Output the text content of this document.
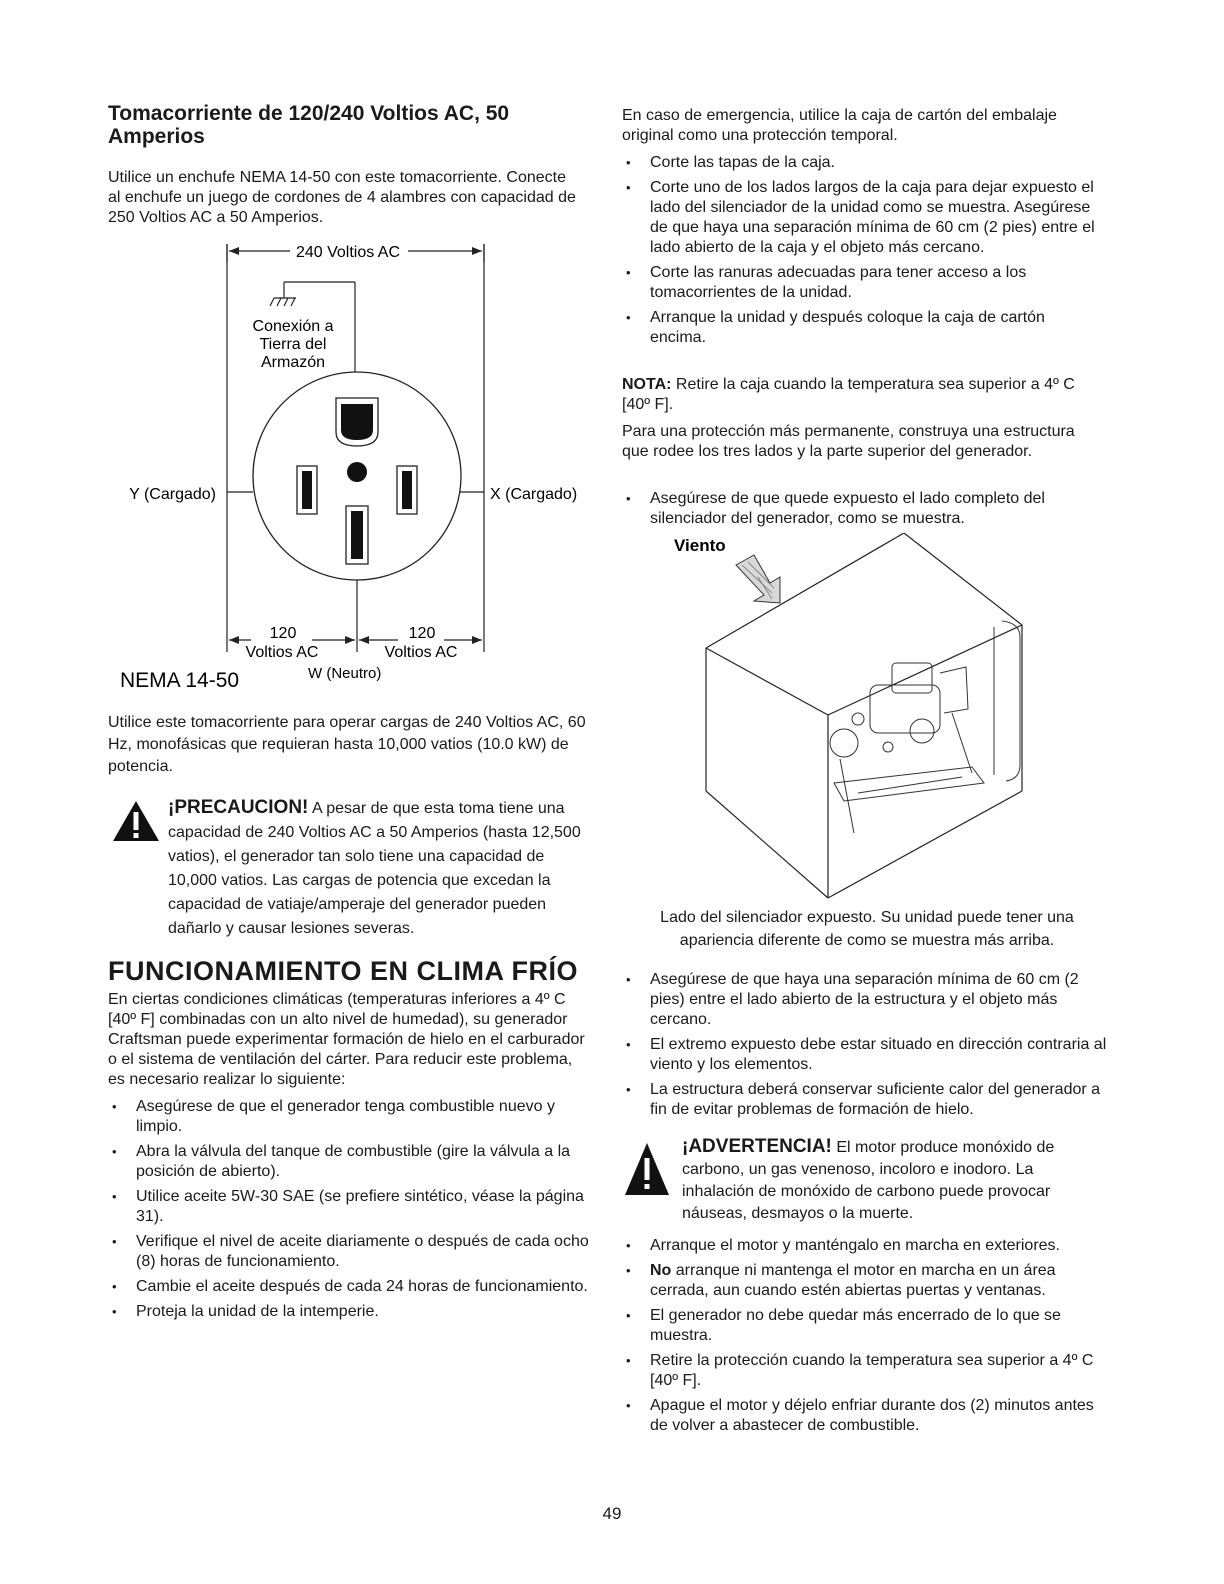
Tomacorriente de 120/240 Voltios AC, 50 Amperios

Utilice un enchufe NEMA 14-50 con este tomacorriente. Conecte al enchufe un juego de cordones de 4 alambres con capacidad de 250 Voltios AC a 50 Amperios.

240 Voltios AC
Conexión a
Tierra del
Armazón
Y (Cargado)	X (Cargado)
120
Voltios AC
120
Voltios AC
NEMA 14-50	W (Neutro)

Utilice este tomacorriente para operar cargas de 240 Voltios AC, 60 Hz, monofásicas que requieran hasta 10,000 vatios (10.0 kW) de potencia.

¡PRECAUCION! A pesar de que esta toma tiene una capacidad de 240 Voltios AC a 50 Amperios (hasta 12,500 vatios), el generador tan solo tiene una capacidad de 10,000 vatios. Las cargas de potencia que excedan la capacidad de vatiaje/amperaje del generador pueden dañarlo y causar lesiones severas.
FUNCIONAMIENTO EN CLIMA FRÍO

En ciertas condiciones climáticas (temperaturas inferiores a 4º C [40º F] combinadas con un alto nivel de humedad), su generador Craftsman puede experimentar formación de hielo en el carburador o el sistema de ventilación del cárter. Para reducir este problema, es necesario realizar lo siguiente:

• Asegúrese de que el generador tenga combustible nuevo y limpio.
• Abra la válvula del tanque de combustible (gire la válvula a la posición de abierto).
• Utilice aceite 5W-30 SAE (se prefiere sintético, véase la página 31).
• Verifique el nivel de aceite diariamente o después de cada ocho (8) horas de funcionamiento.
• Cambie el aceite después de cada 24 horas de funcionamiento.
• Proteja la unidad de la intemperie.

En caso de emergencia, utilice la caja de cartón del embalaje original como una protección temporal.

• Corte las tapas de la caja.
• Corte uno de los lados largos de la caja para dejar expuesto el lado del silenciador de la unidad como se muestra. Asegúrese de que haya una separación mínima de 60 cm (2 pies) entre el lado abierto de la caja y el objeto más cercano.
• Corte las ranuras adecuadas para tener acceso a los tomacorrientes de la unidad.
• Arranque la unidad y después coloque la caja de cartón encima.

NOTA: Retire la caja cuando la temperatura sea superior a 4º C [40º F].

Para una protección más permanente, construya una estructura que rodee los tres lados y la parte superior del generador.

• Asegúrese de que quede expuesto el lado completo del silenciador del generador, como se muestra.
Viento
Lado del silenciador expuesto. Su unidad puede tener una
apariencia diferente de como se muestra más arriba.
• Asegúrese de que haya una separación mínima de 60 cm (2 pies) entre el lado abierto de la estructura y el objeto más cercano.
• El extremo expuesto debe estar situado en dirección contraria al viento y los elementos.
• La estructura deberá conservar suficiente calor del generador a fin de evitar problemas de formación de hielo.
¡ADVERTENCIA! El motor produce monóxido de carbono, un gas venenoso, incoloro e inodoro. La inhalación de monóxido de carbono puede provocar náuseas, desmayos o la muerte.
• Arranque el motor y manténgalo en marcha en exteriores.
• No arranque ni mantenga el motor en marcha en un área cerrada, aun cuando estén abiertas puertas y ventanas.
• El generador no debe quedar más encerrado de lo que se muestra.
• Retire la protección cuando la temperatura sea superior a 4º C [40º F].
• Apague el motor y déjelo enfriar durante dos (2) minutos antes de volver a abastecer de combustible.
49
